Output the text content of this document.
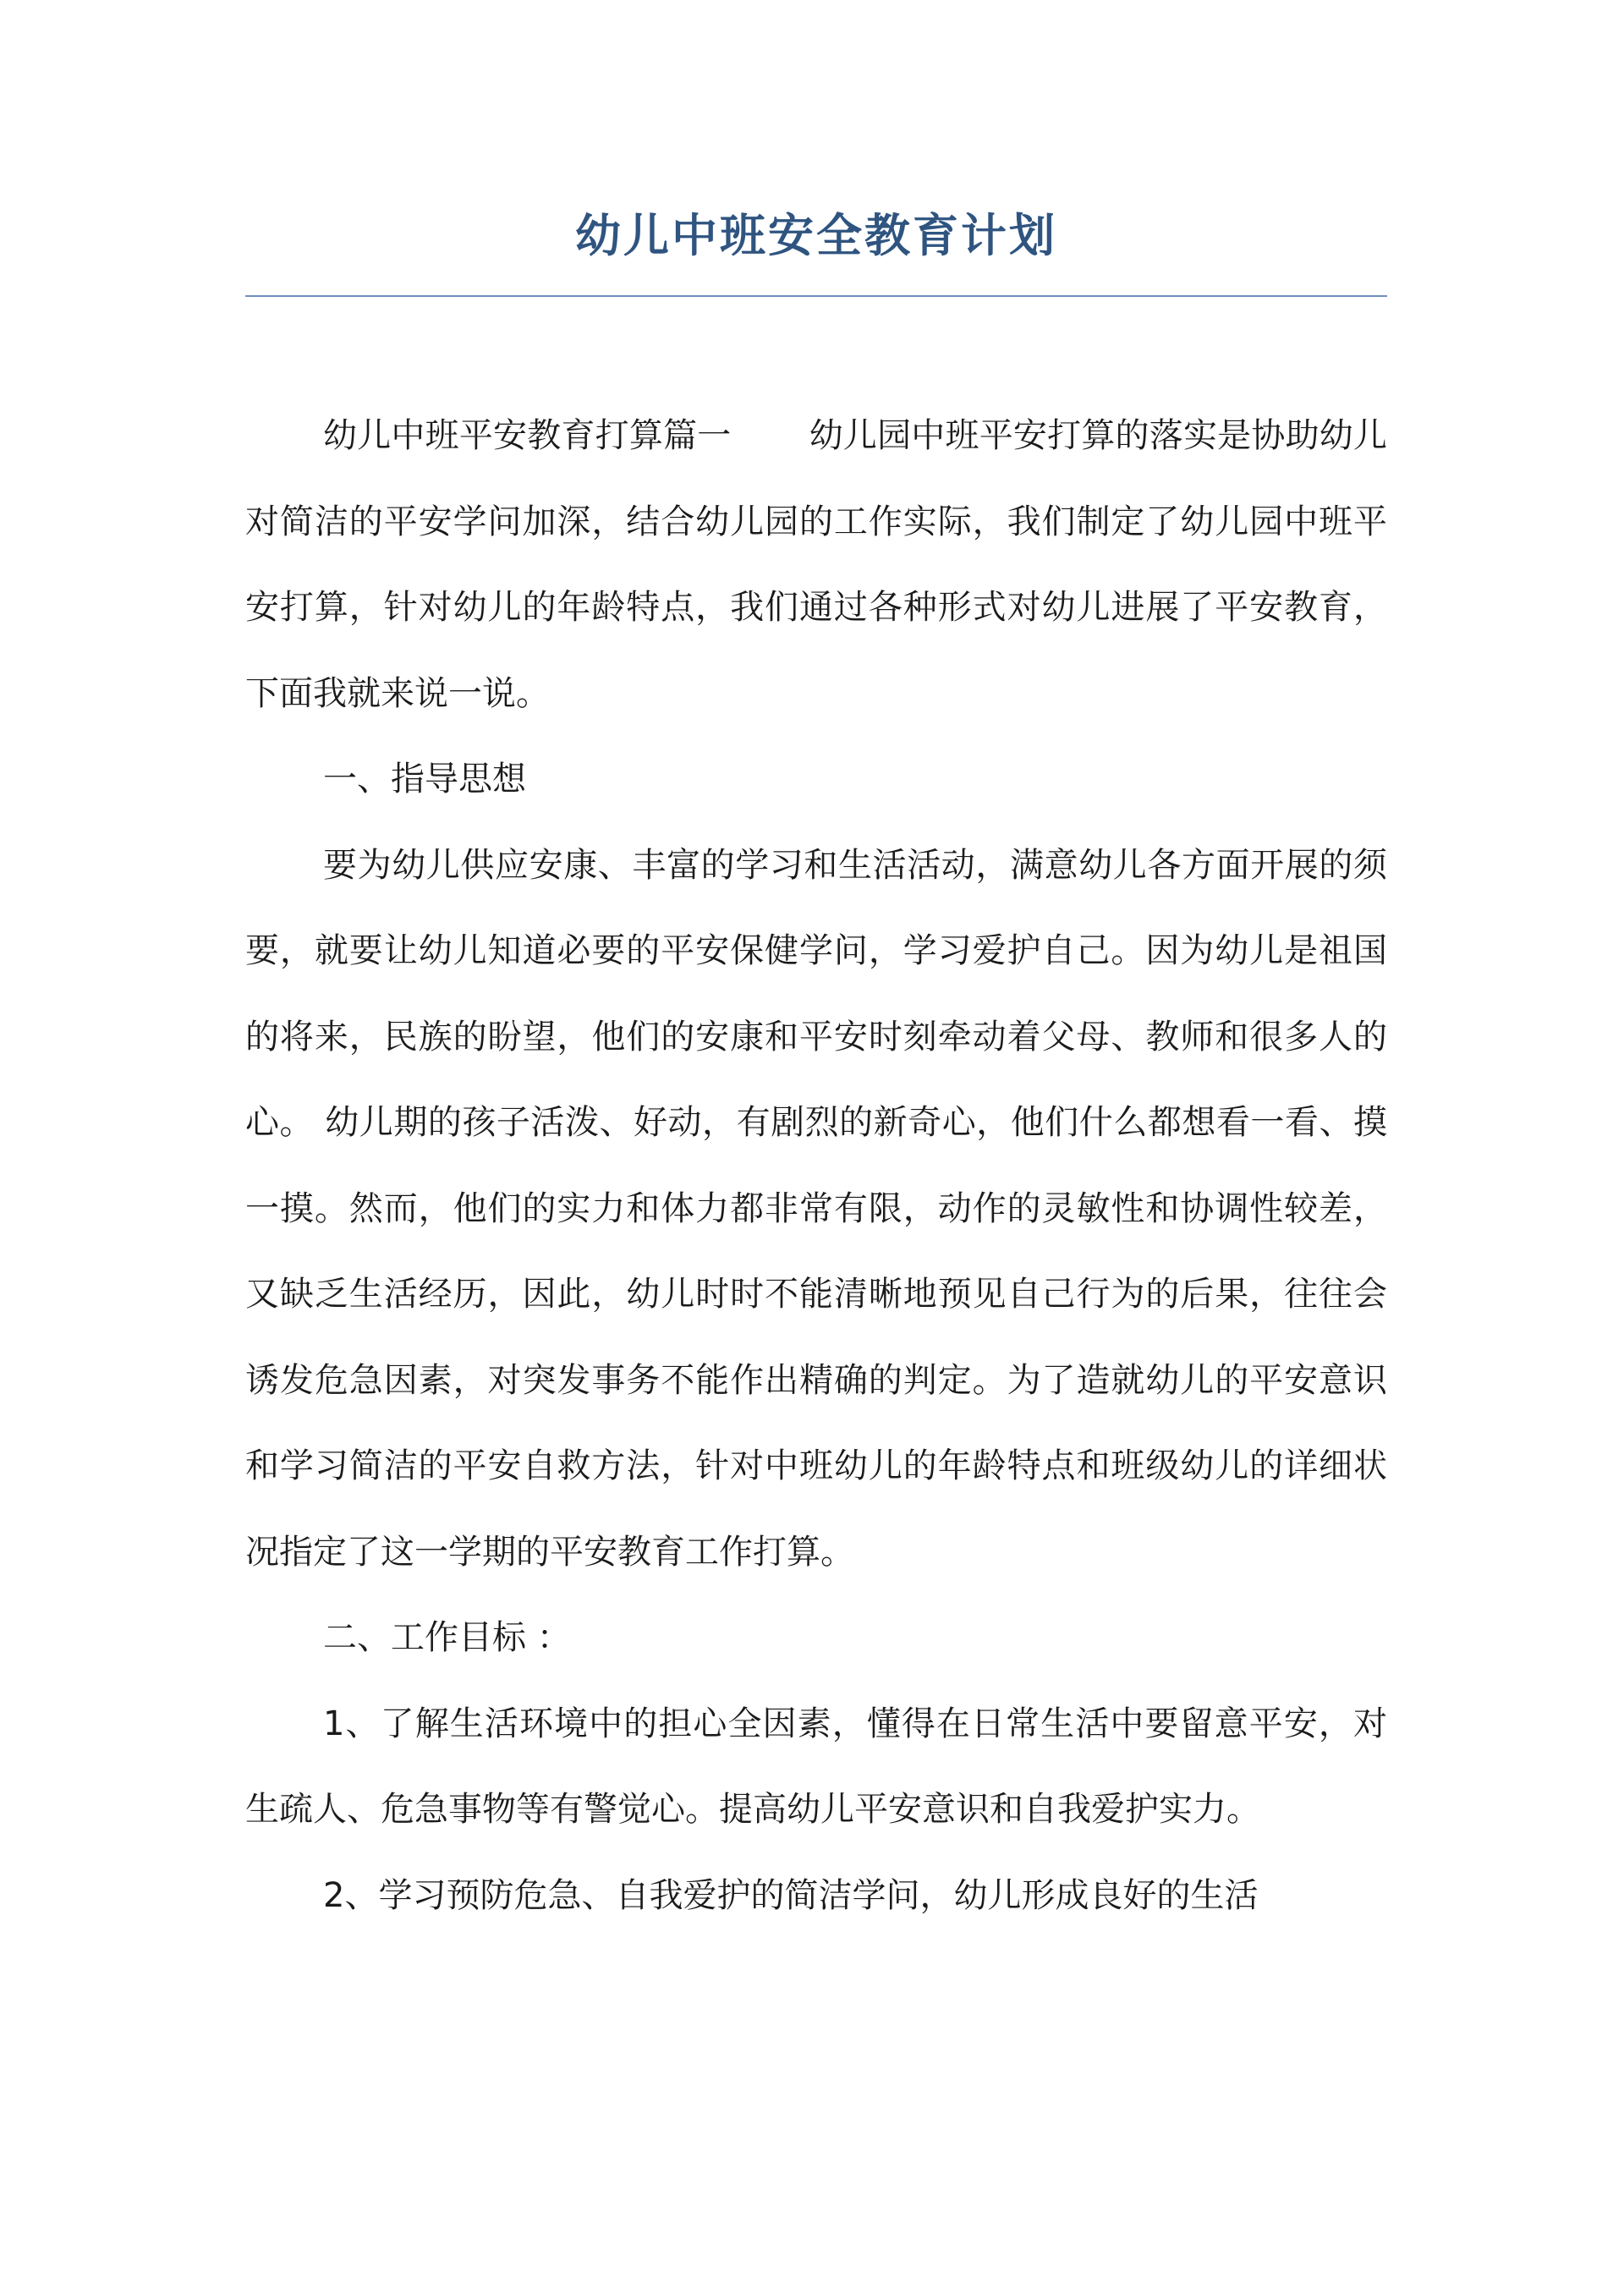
幼儿中班安全教育计划

幼儿中班平安教育打算篇一 幼儿园中班平安打算的落实是协助幼儿对简洁的平安学问加深，结合幼儿园的工作实际，我们制定了幼儿园中班平安打算，针对幼儿的年龄特点，我们通过各种形式对幼儿进展了平安教育，下面我就来说一说。

一、指导思想

要为幼儿供应安康、丰富的学习和生活活动，满意幼儿各方面开展的须要，就要让幼儿知道必要的平安保健学问，学习爱护自己。因为幼儿是祖国的将来，民族的盼望，他们的安康和平安时刻牵动着父母、教师和很多人的心。 幼儿期的孩子活泼、好动，有剧烈的新奇心，他们什么都想看一看、摸一摸。然而，他们的实力和体力都非常有限，动作的灵敏性和协调性较差，又缺乏生活经历，因此，幼儿时时不能清晰地预见自己行为的后果，往往会诱发危急因素，对突发事务不能作出精确的判定。为了造就幼儿的平安意识和学习简洁的平安自救方法，针对中班幼儿的年龄特点和班级幼儿的详细状况指定了这一学期的平安教育工作打算。

二、工作目标 ：

1、了解生活环境中的担心全因素，懂得在日常生活中要留意平安，对生疏人、危急事物等有警觉心。提高幼儿平安意识和自我爱护实力。

2、学习预防危急、自我爱护的简洁学问，幼儿形成良好的生活
